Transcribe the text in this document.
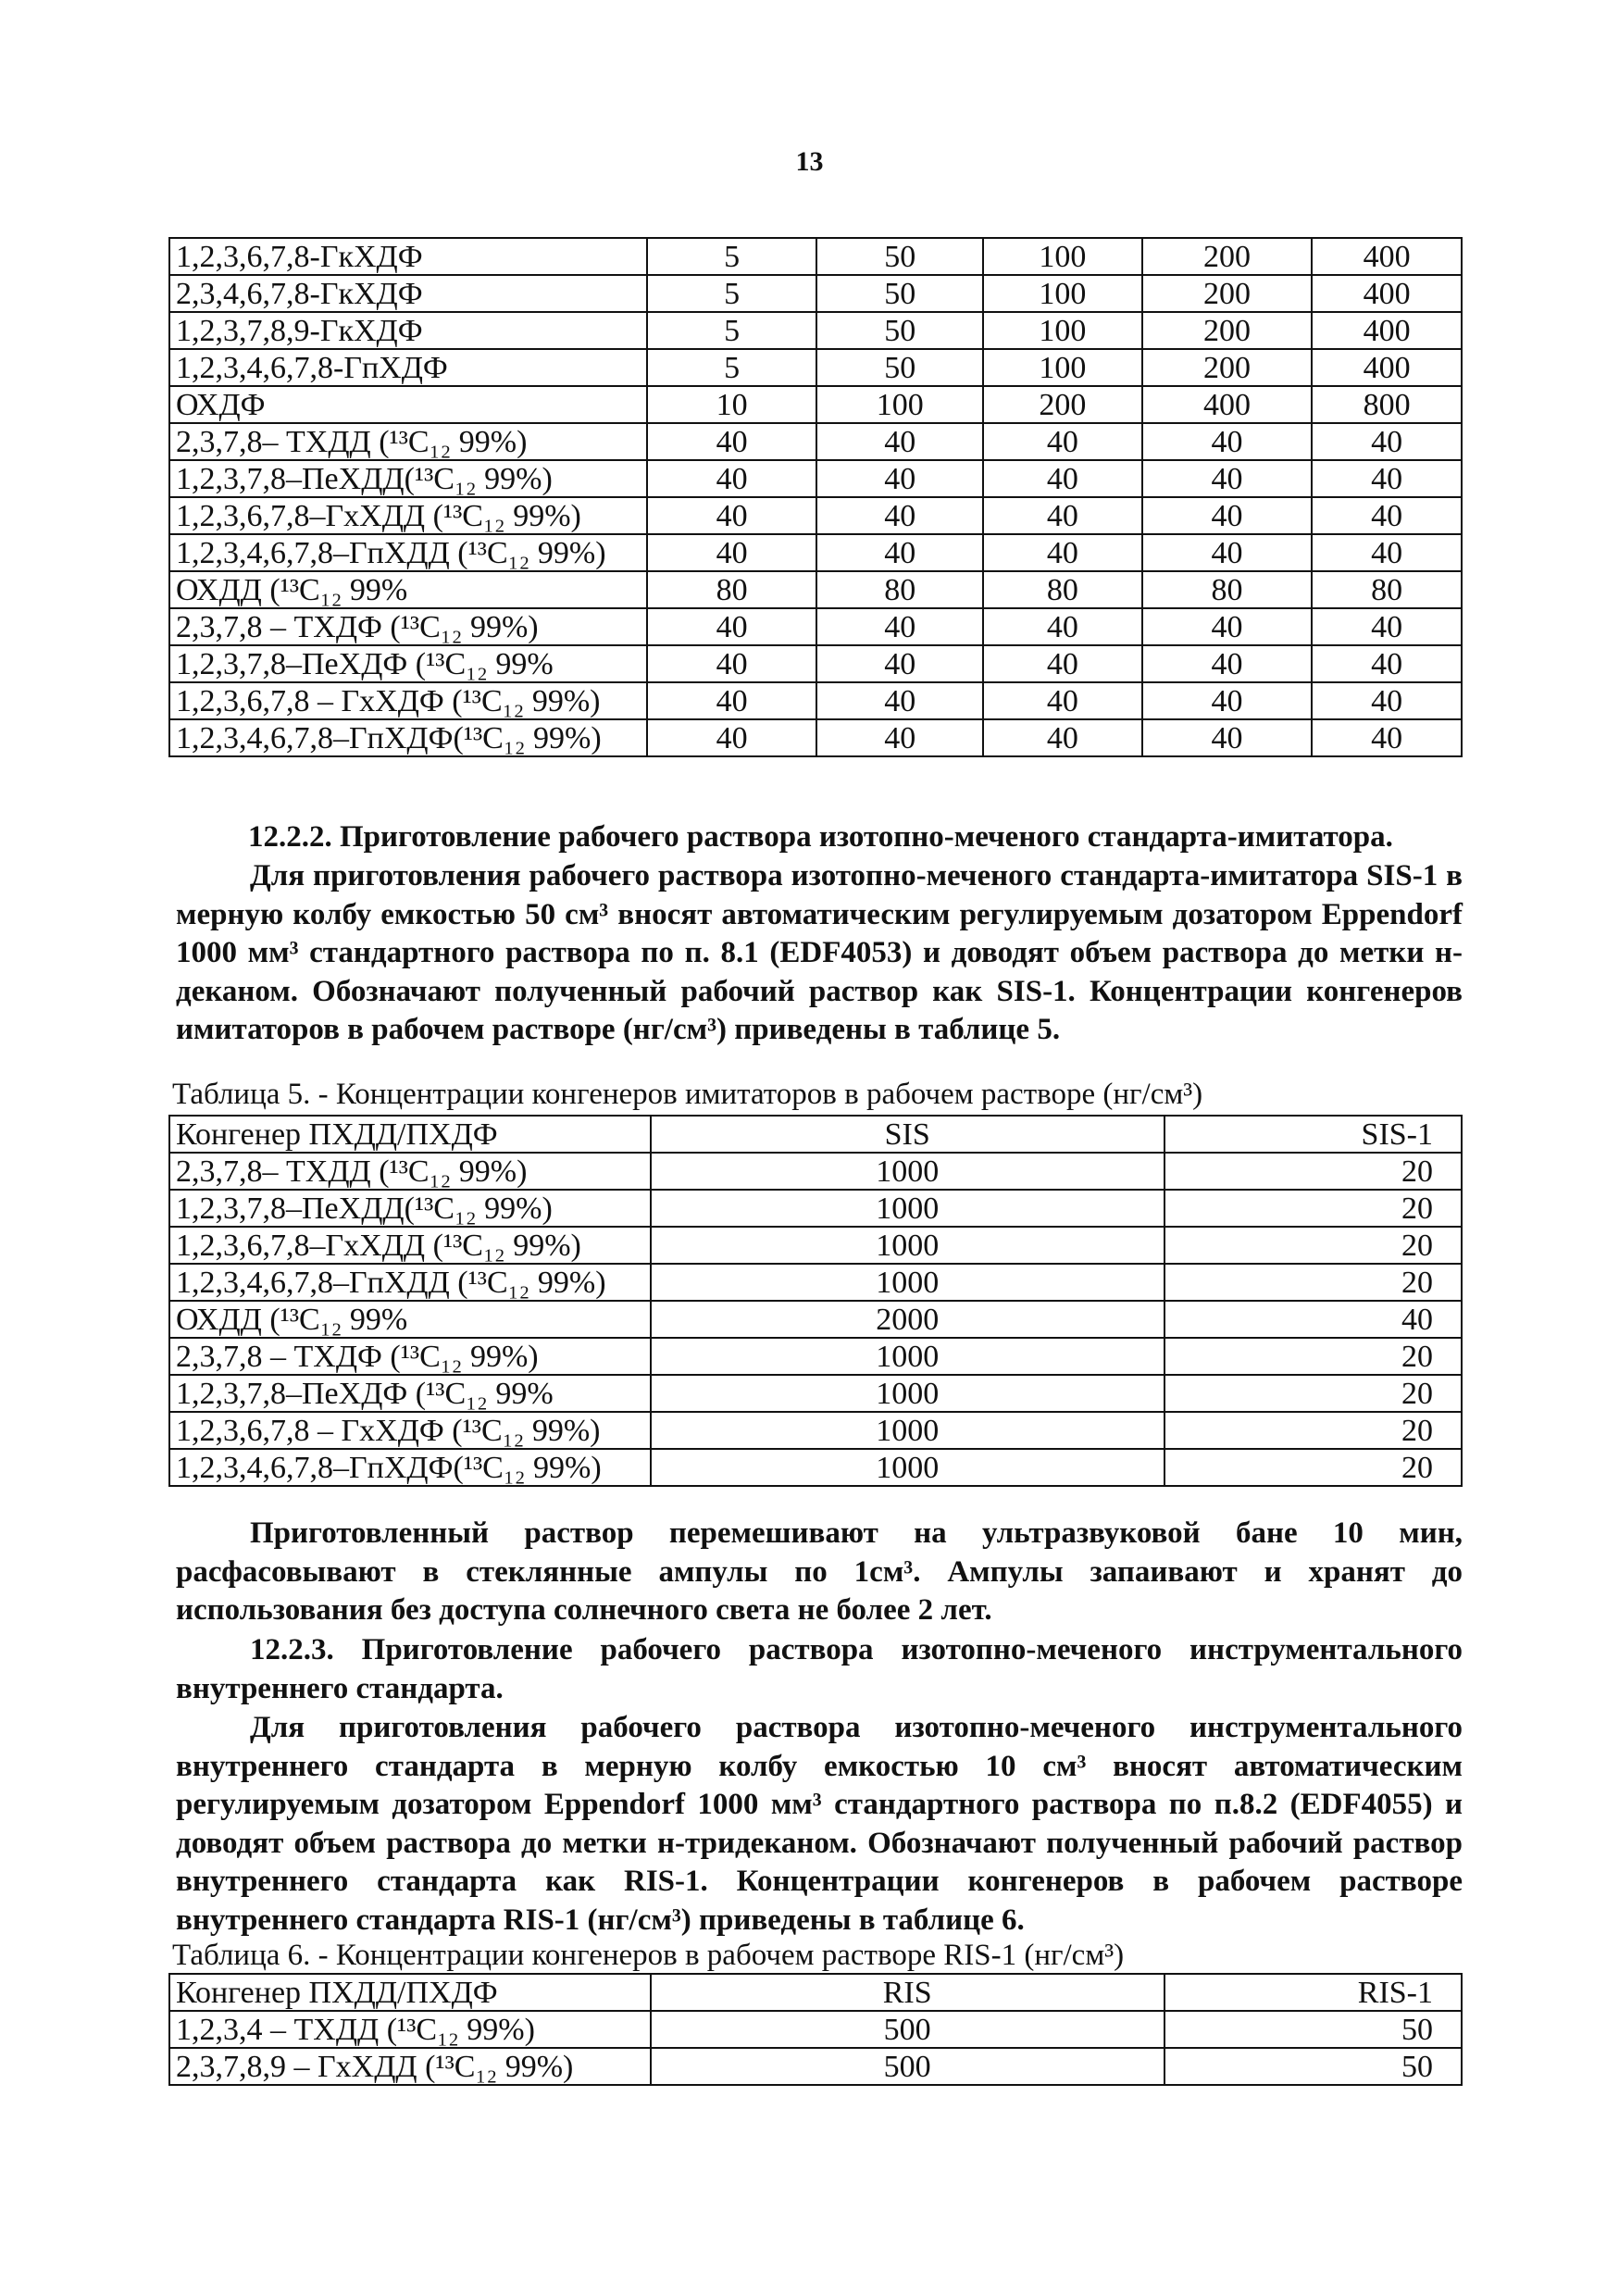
13
1,2,3,6,7,8-ГкХДФ	5	50	100	200	400
2,3,4,6,7,8-ГкХДФ	5	50	100	200	400
1,2,3,7,8,9-ГкХДФ	5	50	100	200	400
1,2,3,4,6,7,8-ГпХДФ	5	50	100	200	400
ОХДФ	10	100	200	400	800
2,3,7,8– ТХДД (¹³C₁₂ 99%)	40	40	40	40	40
1,2,3,7,8–ПеХДД(¹³C₁₂ 99%)	40	40	40	40	40
1,2,3,6,7,8–ГхХДД (¹³C₁₂ 99%)	40	40	40	40	40
1,2,3,4,6,7,8–ГпХДД (¹³C₁₂ 99%)	40	40	40	40	40
ОХДД (¹³C₁₂ 99%	80	80	80	80	80
2,3,7,8 – ТХДФ (¹³C₁₂ 99%)	40	40	40	40	40
1,2,3,7,8–ПеХДФ (¹³C₁₂ 99%	40	40	40	40	40
1,2,3,6,7,8 – ГхХДФ (¹³C₁₂ 99%)	40	40	40	40	40
1,2,3,4,6,7,8–ГпХДФ(¹³C₁₂ 99%)	40	40	40	40	40
12.2.2. Приготовление рабочего раствора изотопно-меченого стандарта-имитатора.
Для приготовления рабочего раствора изотопно-меченого стандарта-имитатора SIS-1 в мерную колбу емкостью 50 см³ вносят автоматическим регулируемым дозатором Eppendorf 1000 мм³ стандартного раствора по п. 8.1 (EDF4053) и доводят объем раствора до метки н-деканом. Обозначают полученный рабочий раствор как SIS-1. Концентрации конгенеров имитаторов в рабочем растворе (нг/см³) приведены в таблице 5.
Таблица 5. - Концентрации конгенеров имитаторов в рабочем растворе (нг/см³)
Конгенер ПХДД/ПХДФ	SIS	SIS-1
2,3,7,8– ТХДД (¹³C₁₂ 99%)	1000	20
1,2,3,7,8–ПеХДД(¹³C₁₂ 99%)	1000	20
1,2,3,6,7,8–ГхХДД (¹³C₁₂ 99%)	1000	20
1,2,3,4,6,7,8–ГпХДД (¹³C₁₂ 99%)	1000	20
ОХДД (¹³C₁₂ 99%	2000	40
2,3,7,8 – ТХДФ (¹³C₁₂ 99%)	1000	20
1,2,3,7,8–ПеХДФ (¹³C₁₂ 99%	1000	20
1,2,3,6,7,8 – ГхХДФ (¹³C₁₂ 99%)	1000	20
1,2,3,4,6,7,8–ГпХДФ(¹³C₁₂ 99%)	1000	20
Приготовленный раствор перемешивают на ультразвуковой бане 10 мин, расфасовывают в стеклянные ампулы по 1см³. Ампулы запаивают и хранят до использования без доступа солнечного света не более 2 лет.
12.2.3. Приготовление рабочего раствора изотопно-меченого инструментального внутреннего стандарта.
Для приготовления рабочего раствора изотопно-меченого инструментального внутреннего стандарта в мерную колбу емкостью 10 см³ вносят автоматическим регулируемым дозатором Eppendorf 1000 мм³ стандартного раствора по п.8.2 (EDF4055) и доводят объем раствора до метки н-тридеканом. Обозначают полученный рабочий раствор внутреннего стандарта как RIS-1. Концентрации конгенеров в рабочем растворе внутреннего стандарта RIS-1 (нг/см³) приведены в таблице 6.
Таблица 6. - Концентрации конгенеров в рабочем растворе RIS-1 (нг/см³)
Конгенер ПХДД/ПХДФ	RIS	RIS-1
1,2,3,4 – ТХДД (¹³C₁₂ 99%)	500	50
2,3,7,8,9 – ГхХДД (¹³C₁₂ 99%)	500	50
